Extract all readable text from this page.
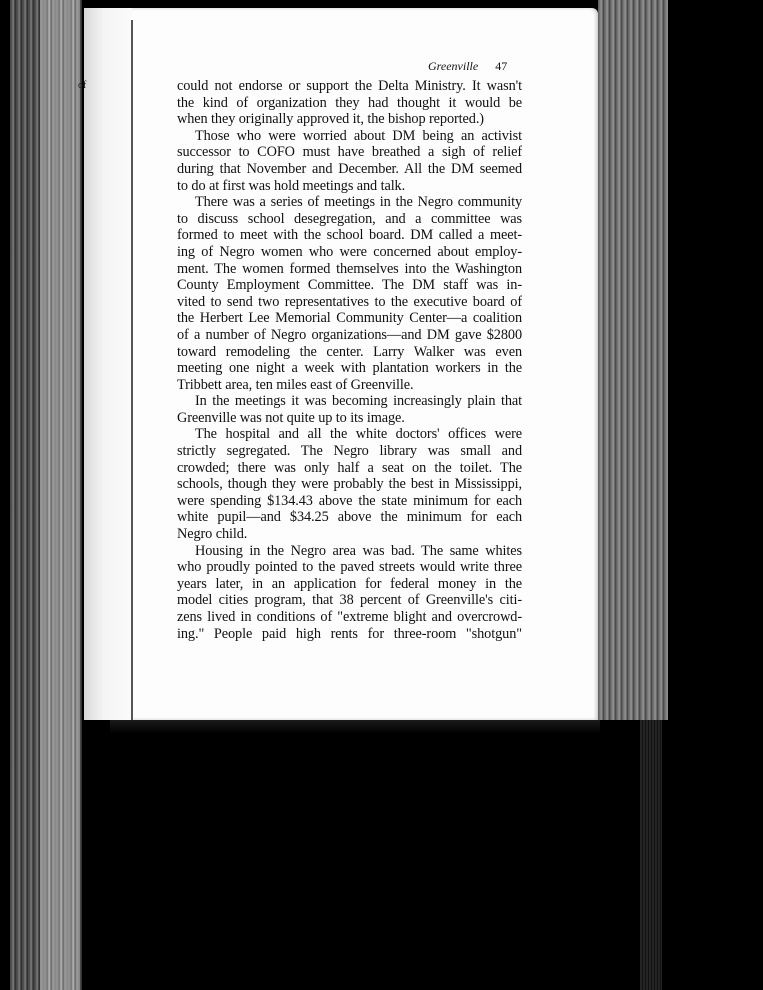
of
Greenville 47
could not endorse or support the Delta Ministry. It wasn't
the kind of organization they had thought it would be
when they originally approved it, the bishop reported.)
Those who were worried about DM being an activist
successor to COFO must have breathed a sigh of relief
during that November and December. All the DM seemed
to do at first was hold meetings and talk.
There was a series of meetings in the Negro community
to discuss school desegregation, and a committee was
formed to meet with the school board. DM called a meet-
ing of Negro women who were concerned about employ-
ment. The women formed themselves into the Washington
County Employment Committee. The DM staff was in-
vited to send two representatives to the executive board of
the Herbert Lee Memorial Community Center—a coalition
of a number of Negro organizations—and DM gave $2800
toward remodeling the center. Larry Walker was even
meeting one night a week with plantation workers in the
Tribbett area, ten miles east of Greenville.
In the meetings it was becoming increasingly plain that
Greenville was not quite up to its image.
The hospital and all the white doctors' offices were
strictly segregated. The Negro library was small and
crowded; there was only half a seat on the toilet. The
schools, though they were probably the best in Mississippi,
were spending $134.43 above the state minimum for each
white pupil—and $34.25 above the minimum for each
Negro child.
Housing in the Negro area was bad. The same whites
who proudly pointed to the paved streets would write three
years later, in an application for federal money in the
model cities program, that 38 percent of Greenville's citi-
zens lived in conditions of "extreme blight and overcrowd-
ing." People paid high rents for three-room "shotgun"
